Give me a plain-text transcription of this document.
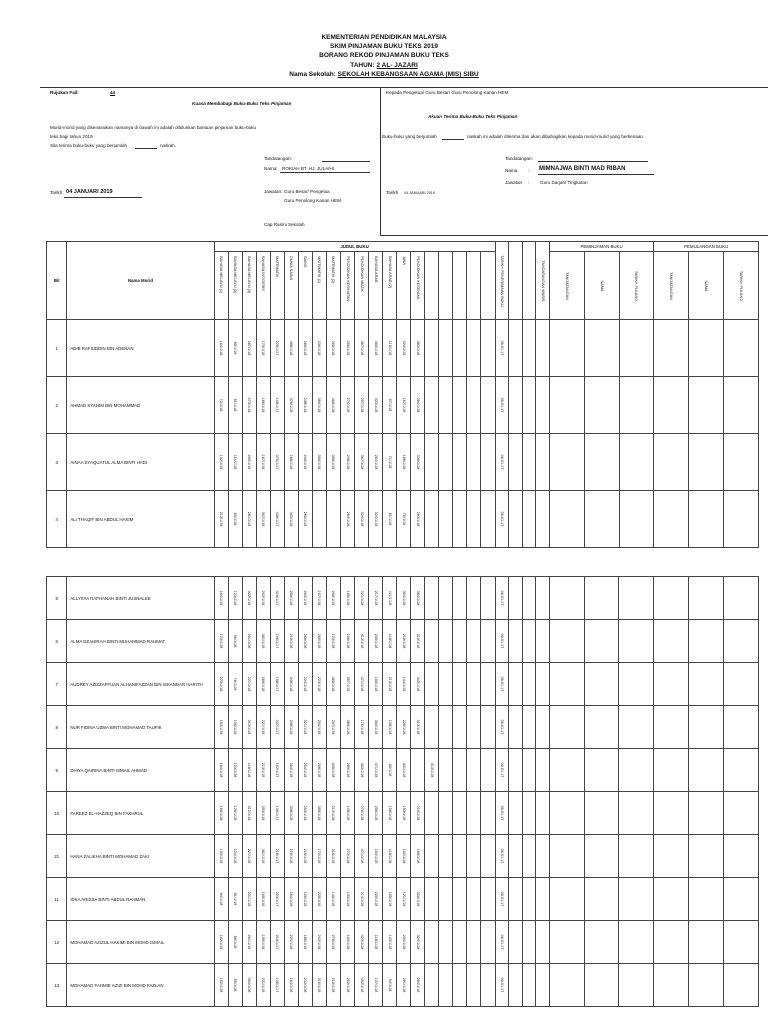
KEMENTERIAN PENDIDIKAN MALAYSIA
SKIM PINJAMAN BUKU TEKS 2019
BORANG REKOD PINJAMAN BUKU TEKS
TAHUN: 2 AL- JAZARI
Nama Sekolah: SEKOLAH KEBANGSAAN AGAMA (MIS) SIBU
Rujukan Fail:	44
Kuasa Membabagi Buku-Buku Teks Pinjaman
Murid-murid yang disenaraikan namanya di bawah ini adalah diluluskan bantuan pinjaman buku-buku
teks bagi tahun 2019
Sila terima buku-buku yang berjumlah	naskah.
Tandatangan:
Nama: ROKIAH BT. HJ. JULAIHI
Jawatan: Guru Besar/ Pengetua
Guru Penolong Kanan HEM
Tarikh: 04 JANUARI 2019
Cap Rasmi Sekolah
Kepada Pengetua/ Guru Besar/ Guru Penolong Kanan HEM
Akuan Terima Buku-Buku Teks Pinjaman
Buku-buku yang berjumlah	naskah ini adalah diterima dan akan dibahagikan kepada murid-murid yang berkenaan.
Tandatangan:
Nama : MIMNAJWA BINTI MAD RIBAN
Jawatan : Guru Darjah/ Tingkatan
Tarikh 04 JANUARI 2019
Bil	Nama Murid	JUDUL BUKU																				TARIKH PENERIMAAN BUKU			TANDATANGAN WARIS	PEMINJAMAN BUKU			PEMULANGAN BUKU		

		BAHASA MELAYU (1)	BAHASA MELAYU (2)	BAHASA MELAYU (3)	BAHASA INGGERIS	MATEMATIK	DUNIA SAINS	SAINS	MATEMATIK (1)	MATEMATIK (2)	PENDIDIKAN KESIHATAN	PENDIDIKAN MUZIK	BAHASA ARAB	BAHASA ARAB (2)	JAWI	PENDIDIKAN KESENIAN										TANDATANGAN	NAMA	TARIKH PULANG	TANDATANGAN	NAMA	TARIKH PULANG

1	ADIB RAFIUDDIN BIN ADENAN	164/1/18	80/1/18	287/1/18	175/1/18	228/1/17	468/1/18	286/1/18	236/1/18	266/1/18	266/1/18	387/1/18	466/1/18	110/1/18	324/1/18	383/1/18						06.01.17									

2	AHMAD SYAHMI BIN MOHAMMAD	72/1/18	81/1/18	273/1/18	186/1/18	148/1/17	376/1/18	238/1/18	384/1/18	466/1/18	274/1/18	257/1/18	323/1/18	87/1/18	167/1/18	284/1/18						06.01.17									

3	AINAA SYAQUATUL ALMA BINTI HADI	132/1/18	114/1/18	269/1/18	187/1/18	376/1/17	186/1/18	246/1/18	356/1/18	356/1/18	248/1/18	367/1/18	264/1/18	71/1/18	186/1/18	336/1/18						06.01.17									

4	ALI THAQIF BIN ABDUL HAKIM	213/1/18	83/1/18	281/1/18	307/1/18	436/1/17	463/1/18	285/1/18			284/1/18	324/1/18	324/1/18	81/1/18	75/1/18	263/1/18						06.01.17									

5	ALLYSYA RAFHANAH BINTI JUSNALEE	164/1/18	123/1/18	322/1/18	203/1/18	418/1/17	256/1/18	263/1/18	197/1/18	256/1/18	166/1/18	321/1/18	217/1/18	111/1/18	304/1/18	384/1/18						06.01.17									

6	ALMA DZAHIRAH BINTI MUHAMMAD RAHMAT	123/1/18	96/1/18	261/1/18	361/1/18	196/1/17	216/1/18	266/1/18	266/1/18	123/1/18	236/1/18	412/1/18	245/1/18	118/1/18	218/1/18	316/1/18						06.01.17									

7	AUDREY AZIZZAFFUAN ALHANIFAZZAN BIN ISKANDAR HARITH	223/1/18	76/1/18	221/1/18	268/1/18	158/1/17	348/1/18	224/1/18	223/1/18	466/1/18	357/1/18	471/1/18	166/1/18	213/1/18	144/1/18	342/1/18						06.01.17									

8	NUR FIDINA UZMA BINTI MOHAMAD TAUFIK	153/1/18	136/1/18	313/1/18	221/1/18	337/1/17	238/1/18	321/1/18	254/1/18	267/1/18	386/1/18	176/1/18	364/1/18	138/1/18	226/1/18	313/1/18						06.01.17									

9	DHIYA QAIRINA BINTI ISMAIL AHMAD	164/1/18	123/1/18	118/1/18	213/1/18	152/1/17	354/1/18	254/1/18	268/1/18	345/1/18	289/1/18	463/1/18	471/1/18	66/1/18	331/1/18		313/1/18					06.01.17									

10	FAREEZ EL-HAZZEQ BIN FAKHRUL	156/1/18	128/1/18	312/1/18	253/1/18	136/1/17	338/1/18	253/1/18	355/1/18	213/1/18	148/1/18	276/1/18	256/1/18	158/1/18	153/1/18	216/1/18						06.01.17									

21	HANA ZALIKHA BINTI MOHAMAD ZAKI	134/1/18	124/1/18	221/1/18	361/1/18	218/1/17	276/1/18	218/1/18	172/1/18	316/1/18	272/1/18	471/1/18	154/1/18	118/1/18	162/1/18	186/1/18						06.01.17									

11	IDKA ARISSA BINTI ABDUL RAHMAN	84/1/18	81/1/18	231/1/18	165/1/18	203/1/17	264/1/18	126/1/18	225/1/18	146/1/18	133/1/18	214/1/18	226/1/18	105/1/18	121/1/18	326/1/18						06.01.17									

12	MOHAMAD AZIZUL HAKIMI BIN MOHD ISMAIL	162/1/18	88/1/18	261/1/18	159/1/18	216/1/17	224/1/18	186/1/18	243/1/18	276/1/18	164/1/18	423/1/18	118/1/18	143/1/18	234/1/18	324/1/18						06.01.17									

13	MOHAMAD FAHMIE AZIZI BIN MOHD FAZLAN	152/1/18	85/1/18	304/1/18	231/1/18	136/1/17	164/1/18	233/1/18	216/1/18	215/1/18	203/1/18	452/1/18	137/1/18	94/1/18	281/1/18	284/1/18						06.01.17									
